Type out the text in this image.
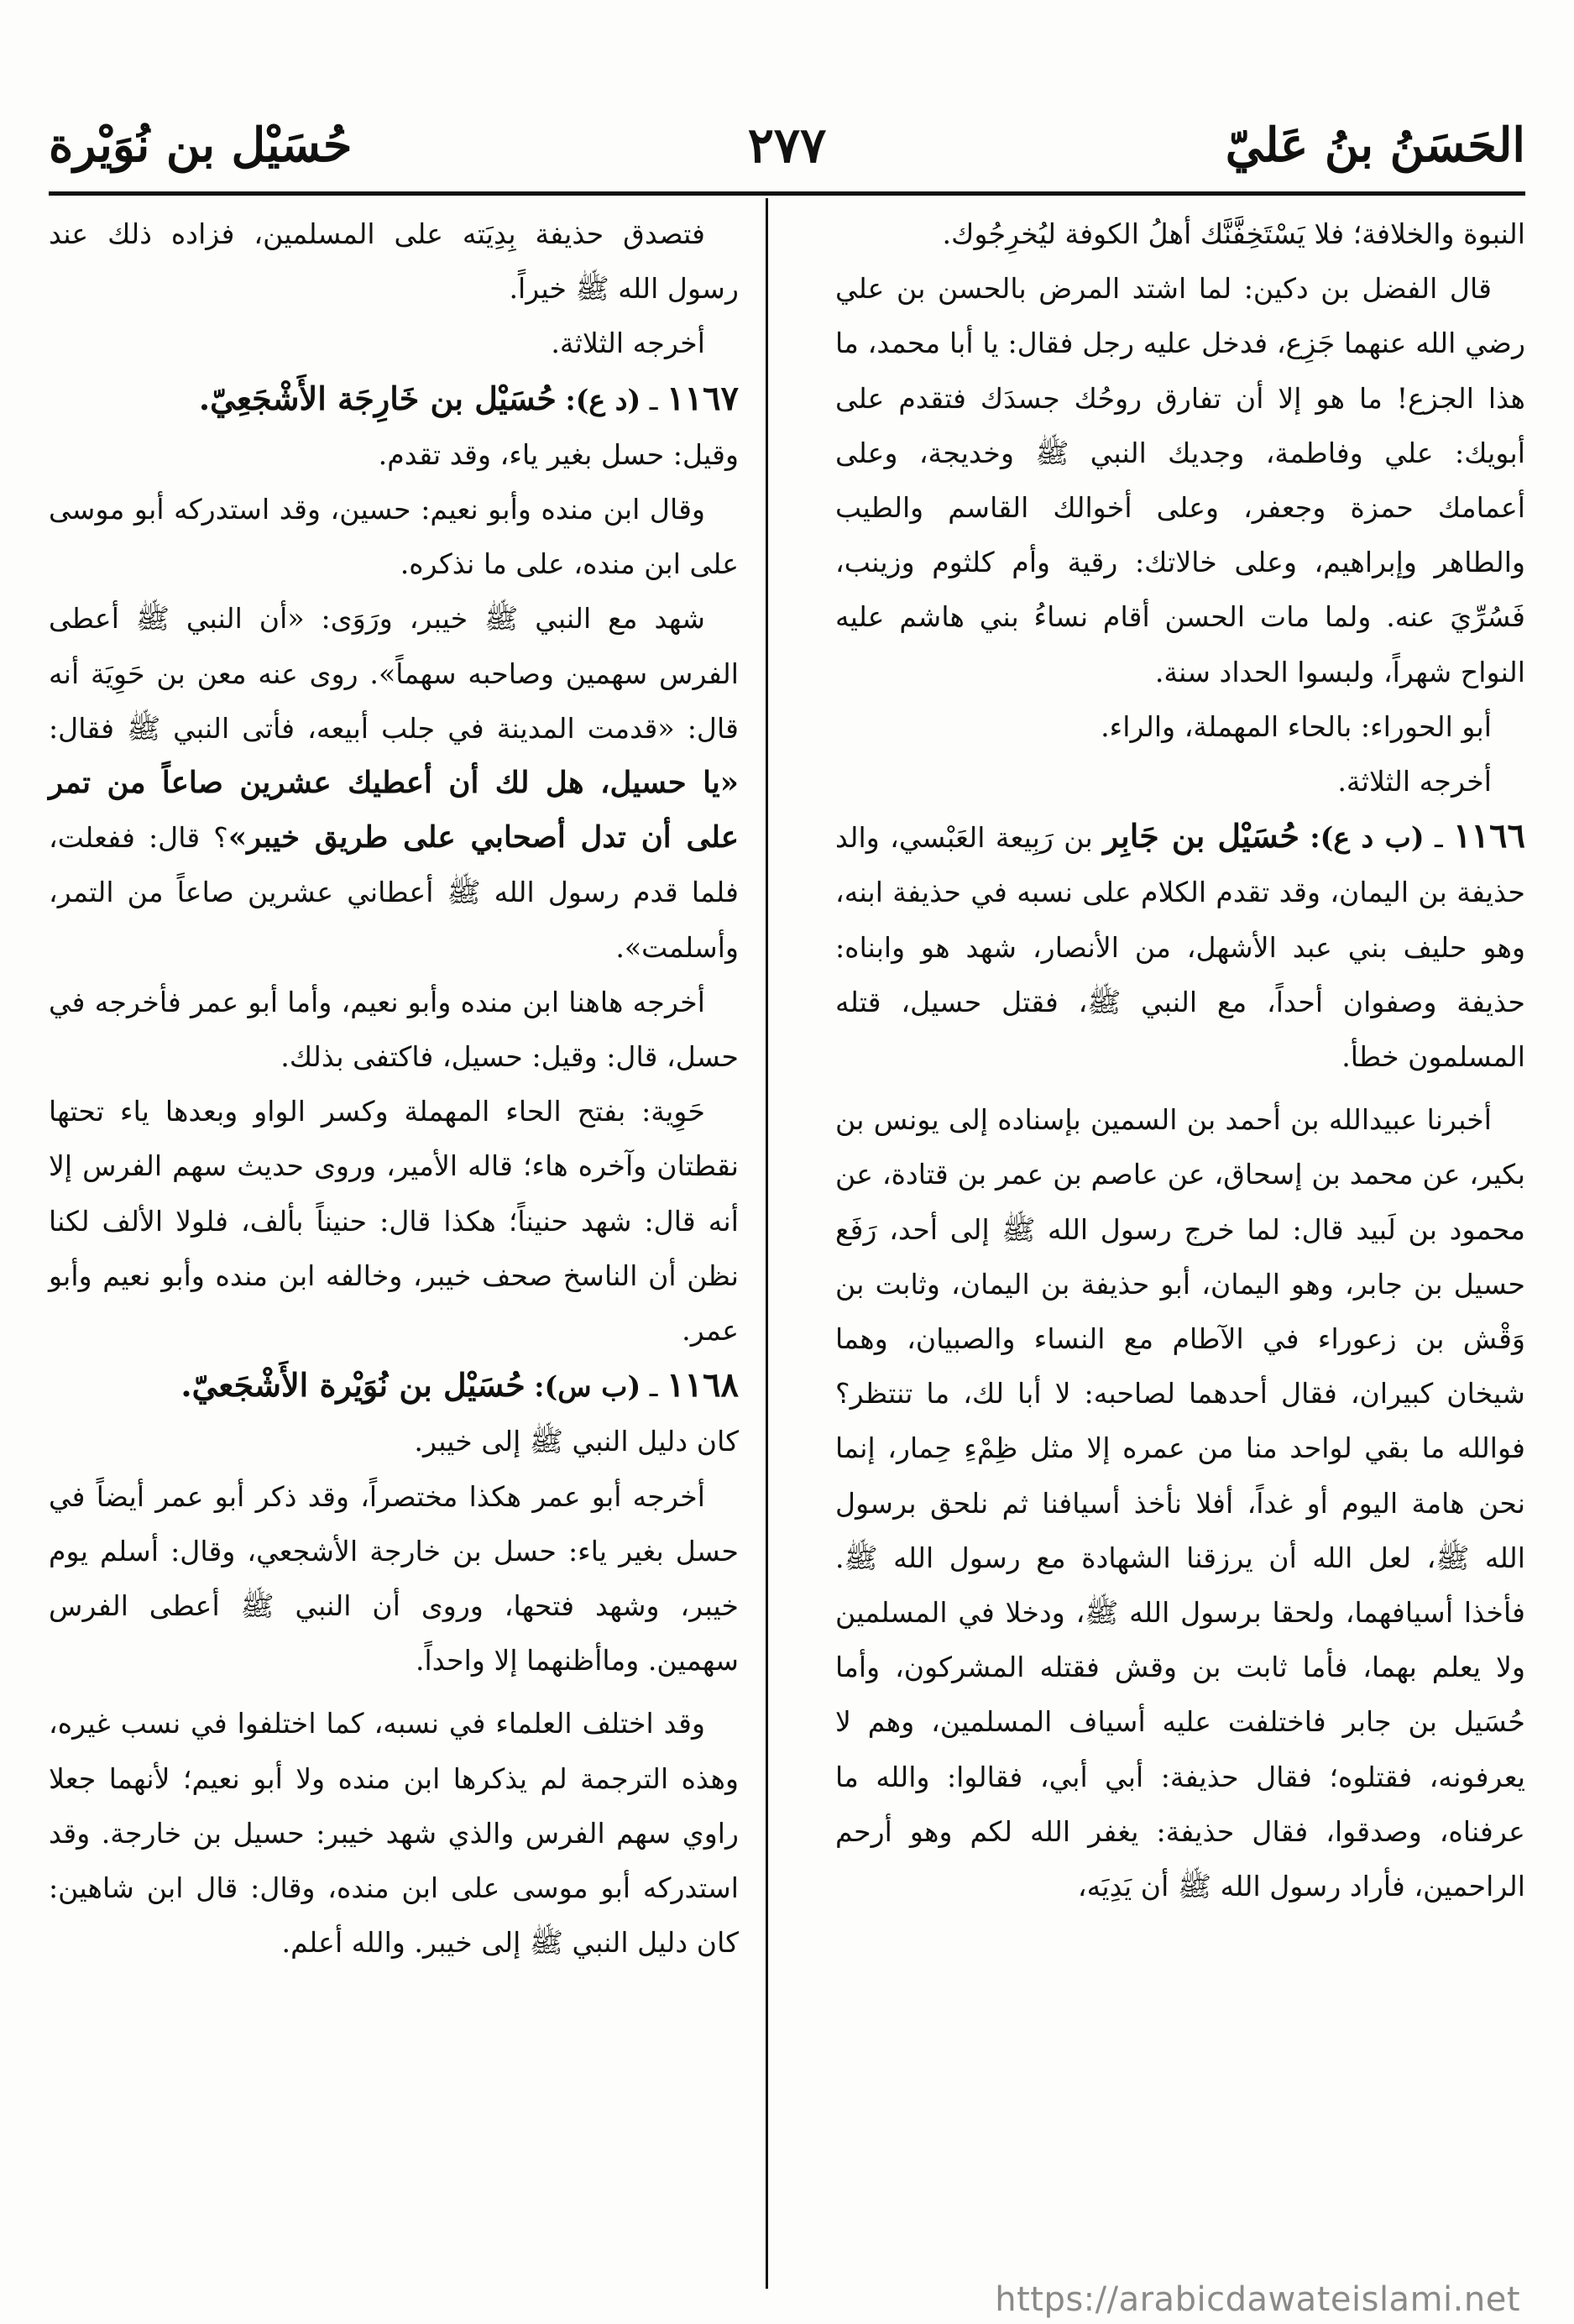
الحَسَنُ بنُ عَليّ
٢٧٧
حُسَيْل بن نُوَيْرة

النبوة والخلافة؛ فلا يَسْتَخِفَّنَّك أهلُ الكوفة ليُخرِجُوك.

قال الفضل بن دكين: لما اشتد المرض بالحسن بن علي رضي الله عنهما جَزِع، فدخل عليه رجل فقال: يا أبا محمد، ما هذا الجزع! ما هو إلا أن تفارق روحُك جسدَك فتقدم على أبويك: علي وفاطمة، وجديك النبي ﷺ وخديجة، وعلى أعمامك حمزة وجعفر، وعلى أخوالك القاسم والطيب والطاهر وإبراهيم، وعلى خالاتك: رقية وأم كلثوم وزينب، فَسُرِّيَ عنه. ولما مات الحسن أقام نساءُ بني هاشم عليه النواح شهراً، ولبسوا الحداد سنة.

أبو الحوراء: بالحاء المهملة، والراء.

أخرجه الثلاثة.

١١٦٦ ـ (ب د ع): حُسَيْل بن جَابِر بن رَبِيعة العَبْسي، والد حذيفة بن اليمان، وقد تقدم الكلام على نسبه في حذيفة ابنه، وهو حليف بني عبد الأشهل، من الأنصار، شهد هو وابناه: حذيفة وصفوان أحداً، مع النبي ﷺ، فقتل حسيل، قتله المسلمون خطأ.

أخبرنا عبيدالله بن أحمد بن السمين بإسناده إلى يونس بن بكير، عن محمد بن إسحاق، عن عاصم بن عمر بن قتادة، عن محمود بن لَبيد قال: لما خرج رسول الله ﷺ إلى أحد، رَفَع حسيل بن جابر، وهو اليمان، أبو حذيفة بن اليمان، وثابت بن وَقْش بن زعوراء في الآطام مع النساء والصبيان، وهما شيخان كبيران، فقال أحدهما لصاحبه: لا أبا لك، ما تنتظر؟ فوالله ما بقي لواحد منا من عمره إلا مثل ظِمْءِ حِمار، إنما نحن هامة اليوم أو غداً، أفلا نأخذ أسيافنا ثم نلحق برسول الله ﷺ، لعل الله أن يرزقنا الشهادة مع رسول الله ﷺ. فأخذا أسيافهما، ولحقا برسول الله ﷺ، ودخلا في المسلمين ولا يعلم بهما، فأما ثابت بن وقش فقتله المشركون، وأما حُسَيل بن جابر فاختلفت عليه أسياف المسلمين، وهم لا يعرفونه، فقتلوه؛ فقال حذيفة: أبي أبي، فقالوا: والله ما عرفناه، وصدقوا، فقال حذيفة: يغفر الله لكم وهو أرحم الراحمين، فأراد رسول الله ﷺ أن يَدِيَه،

فتصدق حذيفة بِدِيَته على المسلمين، فزاده ذلك عند رسول الله ﷺ خيراً.

أخرجه الثلاثة.

١١٦٧ ـ (د ع): حُسَيْل بن خَارِجَة الأَشْجَعِيّ.

وقيل: حسل بغير ياء، وقد تقدم.

وقال ابن منده وأبو نعيم: حسين، وقد استدركه أبو موسى على ابن منده، على ما نذكره.

شهد مع النبي ﷺ خيبر، ورَوَى: «أن النبي ﷺ أعطى الفرس سهمين وصاحبه سهماً». روى عنه معن بن حَوِيَة أنه قال: «قدمت المدينة في جلب أبيعه، فأتى النبي ﷺ فقال: «يا حسيل، هل لك أن أعطيك عشرين صاعاً من تمر على أن تدل أصحابي على طريق خيبر»؟ قال: ففعلت، فلما قدم رسول الله ﷺ أعطاني عشرين صاعاً من التمر، وأسلمت».

أخرجه هاهنا ابن منده وأبو نعيم، وأما أبو عمر فأخرجه في حسل، قال: وقيل: حسيل، فاكتفى بذلك.

حَوِية: بفتح الحاء المهملة وكسر الواو وبعدها ياء تحتها نقطتان وآخره هاء؛ قاله الأمير، وروى حديث سهم الفرس إلا أنه قال: شهد حنيناً؛ هكذا قال: حنيناً بألف، فلولا الألف لكنا نظن أن الناسخ صحف خيبر، وخالفه ابن منده وأبو نعيم وأبو عمر.

١١٦٨ ـ (ب س): حُسَيْل بن نُوَيْرة الأَشْجَعيّ.

كان دليل النبي ﷺ إلى خيبر.

أخرجه أبو عمر هكذا مختصراً، وقد ذكر أبو عمر أيضاً في حسل بغير ياء: حسل بن خارجة الأشجعي، وقال: أسلم يوم خيبر، وشهد فتحها، وروى أن النبي ﷺ أعطى الفرس سهمين. وماأظنهما إلا واحداً.

وقد اختلف العلماء في نسبه، كما اختلفوا في نسب غيره، وهذه الترجمة لم يذكرها ابن منده ولا أبو نعيم؛ لأنهما جعلا راوي سهم الفرس والذي شهد خيبر: حسيل بن خارجة. وقد استدركه أبو موسى على ابن منده، وقال: قال ابن شاهين: كان دليل النبي ﷺ إلى خيبر. والله أعلم.

https://arabicdawateislami.net
